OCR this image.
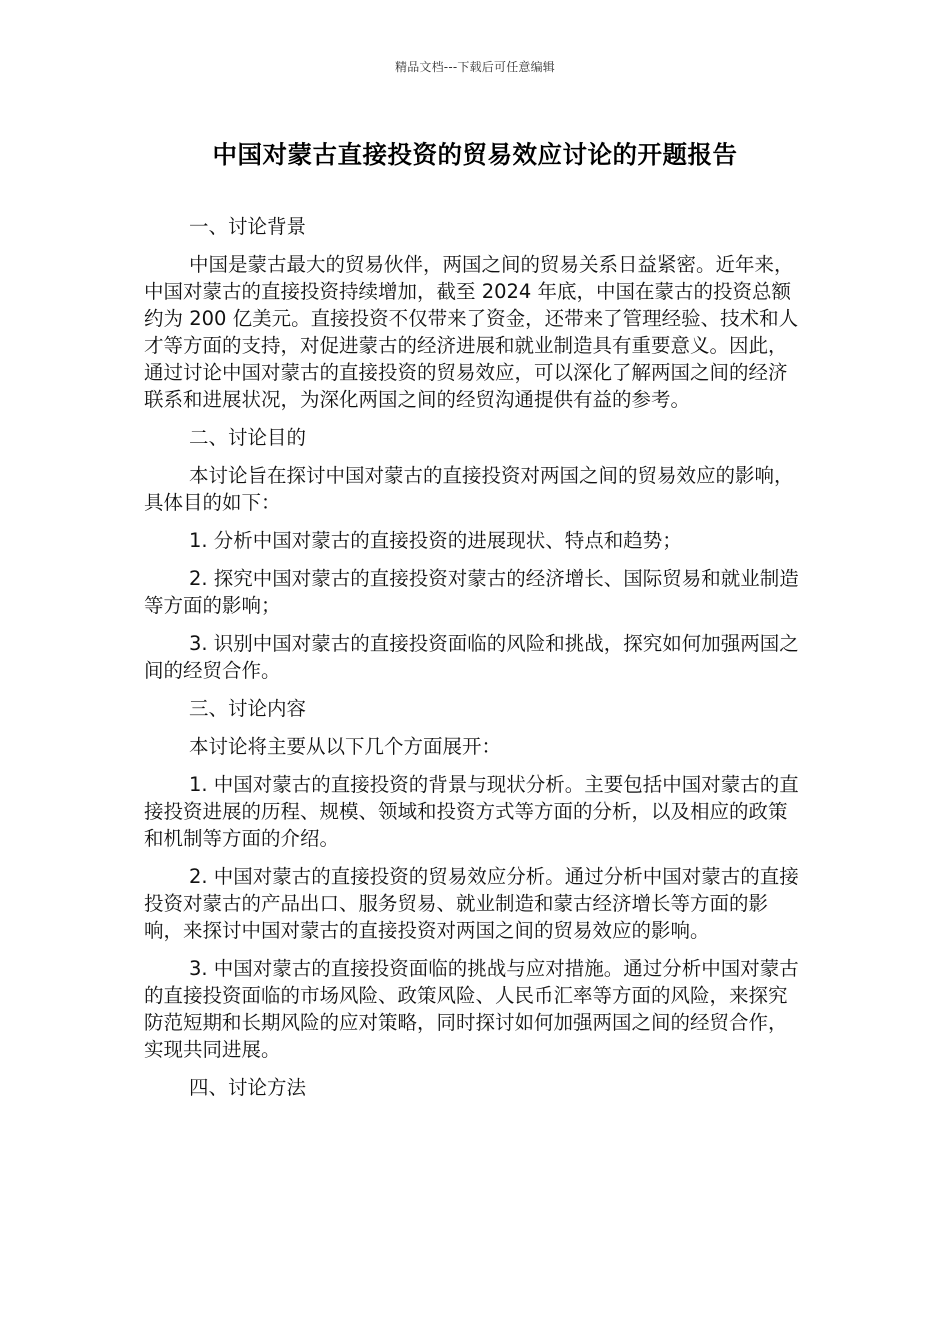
精品文档---下载后可任意编辑
中国对蒙古直接投资的贸易效应讨论的开题报告
一、讨论背景

中国是蒙古最大的贸易伙伴，两国之间的贸易关系日益紧密。近年来，中国对蒙古的直接投资持续增加，截至 2024 年底，中国在蒙古的投资总额约为 200 亿美元。直接投资不仅带来了资金，还带来了管理经验、技术和人才等方面的支持，对促进蒙古的经济进展和就业制造具有重要意义。因此，通过讨论中国对蒙古的直接投资的贸易效应，可以深化了解两国之间的经济联系和进展状况，为深化两国之间的经贸沟通提供有益的参考。

二、讨论目的

本讨论旨在探讨中国对蒙古的直接投资对两国之间的贸易效应的影响，具体目的如下：

1. 分析中国对蒙古的直接投资的进展现状、特点和趋势；

2. 探究中国对蒙古的直接投资对蒙古的经济增长、国际贸易和就业制造等方面的影响；

3. 识别中国对蒙古的直接投资面临的风险和挑战，探究如何加强两国之间的经贸合作。

三、讨论内容

本讨论将主要从以下几个方面展开：

1. 中国对蒙古的直接投资的背景与现状分析。主要包括中国对蒙古的直接投资进展的历程、规模、领域和投资方式等方面的分析，以及相应的政策和机制等方面的介绍。

2. 中国对蒙古的直接投资的贸易效应分析。通过分析中国对蒙古的直接投资对蒙古的产品出口、服务贸易、就业制造和蒙古经济增长等方面的影响，来探讨中国对蒙古的直接投资对两国之间的贸易效应的影响。

3. 中国对蒙古的直接投资面临的挑战与应对措施。通过分析中国对蒙古的直接投资面临的市场风险、政策风险、人民币汇率等方面的风险，来探究防范短期和长期风险的应对策略，同时探讨如何加强两国之间的经贸合作，实现共同进展。

四、讨论方法
